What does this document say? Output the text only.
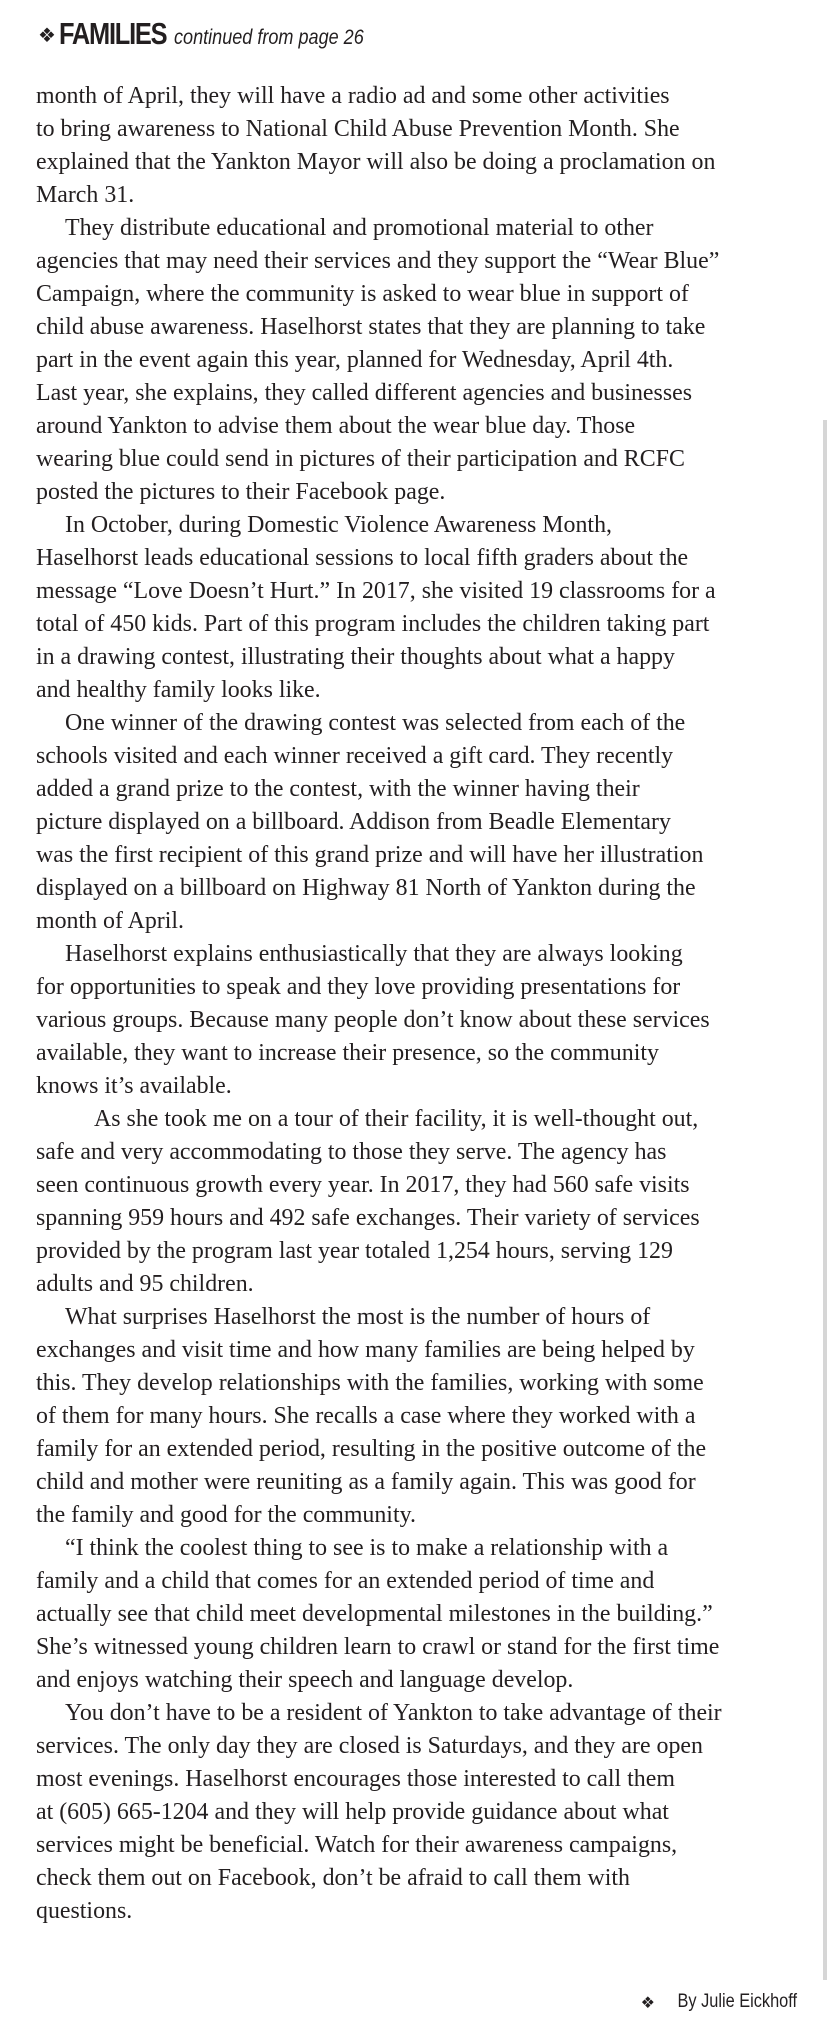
❖ FAMILIES continued from page 26
month of April, they will have a radio ad and some other activities
to bring awareness to National Child Abuse Prevention Month. She
explained that the Yankton Mayor will also be doing a proclamation on
March 31.
They distribute educational and promotional material to other
agencies that may need their services and they support the “Wear Blue”
Campaign, where the community is asked to wear blue in support of
child abuse awareness. Haselhorst states that they are planning to take
part in the event again this year, planned for Wednesday, April 4th.
Last year, she explains, they called different agencies and businesses
around Yankton to advise them about the wear blue day. Those
wearing blue could send in pictures of their participation and RCFC
posted the pictures to their Facebook page.
In October, during Domestic Violence Awareness Month,
Haselhorst leads educational sessions to local fifth graders about the
message “Love Doesn’t Hurt.” In 2017, she visited 19 classrooms for a
total of 450 kids. Part of this program includes the children taking part
in a drawing contest, illustrating their thoughts about what a happy
and healthy family looks like.
One winner of the drawing contest was selected from each of the
schools visited and each winner received a gift card. They recently
added a grand prize to the contest, with the winner having their
picture displayed on a billboard. Addison from Beadle Elementary
was the first recipient of this grand prize and will have her illustration
displayed on a billboard on Highway 81 North of Yankton during the
month of April.
Haselhorst explains enthusiastically that they are always looking
for opportunities to speak and they love providing presentations for
various groups. Because many people don’t know about these services
available, they want to increase their presence, so the community
knows it’s available.
As she took me on a tour of their facility, it is well-thought out,
safe and very accommodating to those they serve. The agency has
seen continuous growth every year. In 2017, they had 560 safe visits
spanning 959 hours and 492 safe exchanges. Their variety of services
provided by the program last year totaled 1,254 hours, serving 129
adults and 95 children.
What surprises Haselhorst the most is the number of hours of
exchanges and visit time and how many families are being helped by
this. They develop relationships with the families, working with some
of them for many hours. She recalls a case where they worked with a
family for an extended period, resulting in the positive outcome of the
child and mother were reuniting as a family again. This was good for
the family and good for the community.
“I think the coolest thing to see is to make a relationship with a
family and a child that comes for an extended period of time and
actually see that child meet developmental milestones in the building.”
She’s witnessed young children learn to crawl or stand for the first time
and enjoys watching their speech and language develop.
You don’t have to be a resident of Yankton to take advantage of their
services. The only day they are closed is Saturdays, and they are open
most evenings. Haselhorst encourages those interested to call them
at (605) 665-1204 and they will help provide guidance about what
services might be beneficial. Watch for their awareness campaigns,
check them out on Facebook, don’t be afraid to call them with
questions.
❖ By Julie Eickhoff
